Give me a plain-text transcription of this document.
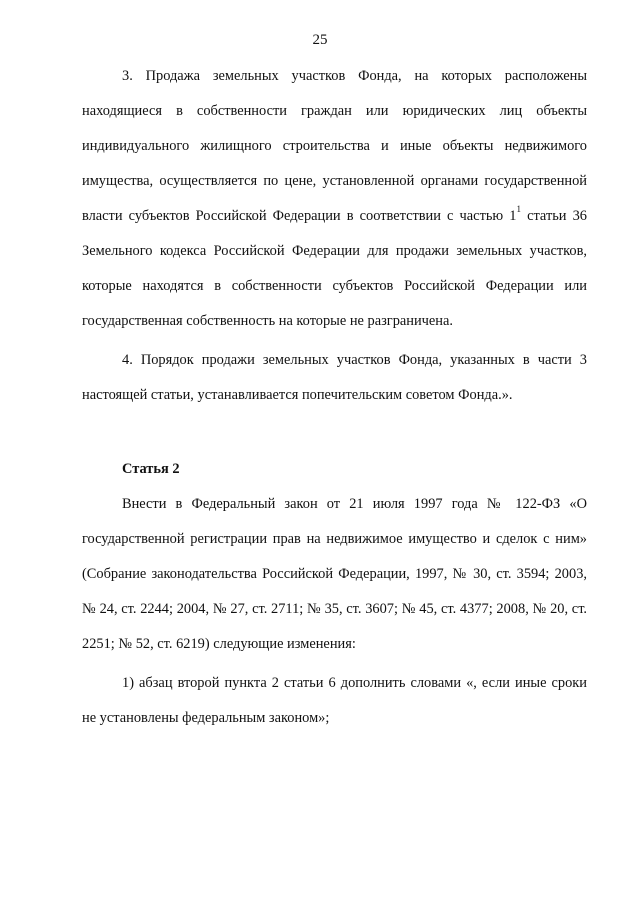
25

3. Продажа земельных участков Фонда, на которых расположены находящиеся в собственности граждан или юридических лиц объекты индивидуального жилищного строительства и иные объекты недвижимого имущества, осуществляется по цене, установленной органами государственной власти субъектов Российской Федерации в соответствии с частью $1^1$ статьи 36 Земельного кодекса Российской Федерации для продажи земельных участков, которые находятся в собственности субъектов Российской Федерации или государственная собственность на которые не разграничена.

4. Порядок продажи земельных участков Фонда, указанных в части 3 настоящей статьи, устанавливается попечительским советом Фонда.».

Статья 2

Внести в Федеральный закон от 21 июля 1997 года № 122-ФЗ «О государственной регистрации прав на недвижимое имущество и сделок с ним» (Собрание законодательства Российской Федерации, 1997, № 30, ст. 3594; 2003, № 24, ст. 2244; 2004, № 27, ст. 2711; № 35, ст. 3607; № 45, ст. 4377; 2008, № 20, ст. 2251; № 52, ст. 6219) следующие изменения:

1) абзац второй пункта 2 статьи 6 дополнить словами «, если иные сроки не установлены федеральным законом»;
